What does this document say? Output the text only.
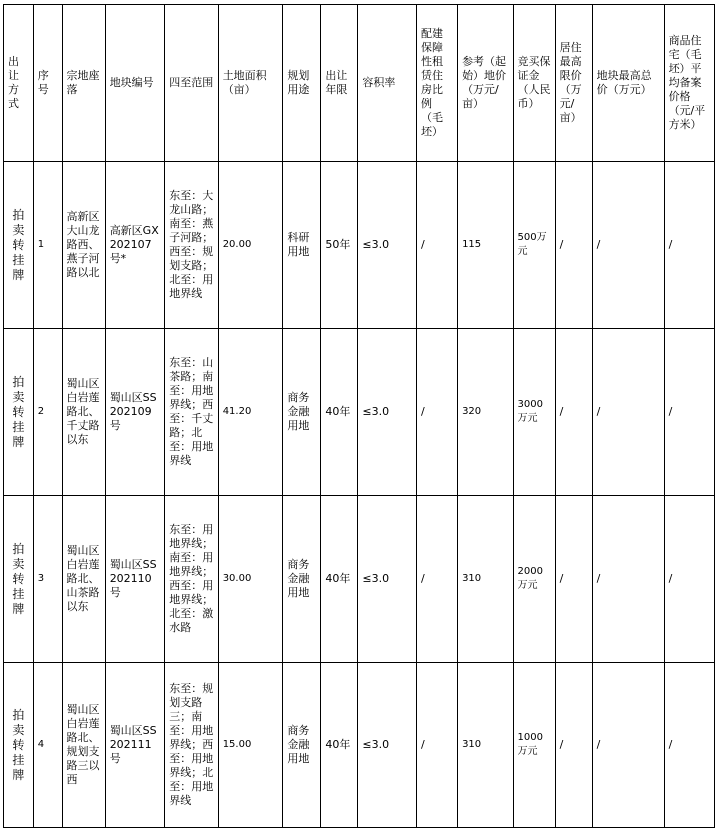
出让方式	序号	宗地座落	地块编号	四至范围	土地面积（亩）	规划用途	出让年限	容积率	配建保障性租赁住房比例（毛坯）	参考（起始）地价（万元/亩）	竞买保证金（人民币）	居住最高限价（万元/亩）	地块最高总价（万元）	商品住宅（毛坯）平均备案价格（元/平方米）
拍卖转挂牌	1	高新区大山龙路西、燕子河路以北	高新区GX202107号*	东至：大龙山路；南至：燕子河路；西至：规划支路；北至：用地界线	20.00	科研用地	50年	≤3.0	/	115	500万元	/	/	/
拍卖转挂牌	2	蜀山区白岩莲路北、千丈路以东	蜀山区SS202109号	东至：山茶路；南至：用地界线；西至：千丈路；北至：用地界线	41.20	商务金融用地	40年	≤3.0	/	320	3000万元	/	/	/
拍卖转挂牌	3	蜀山区白岩莲路北、山茶路以东	蜀山区SS202110号	东至：用地界线；南至：用地界线；西至：用地界线；北至：激水路	30.00	商务金融用地	40年	≤3.0	/	310	2000万元	/	/	/
拍卖转挂牌	4	蜀山区白岩莲路北、规划支路三以西	蜀山区SS202111号	东至：规划支路三；南至：用地界线；西至：用地界线；北至：用地界线	15.00	商务金融用地	40年	≤3.0	/	310	1000万元	/	/	/
